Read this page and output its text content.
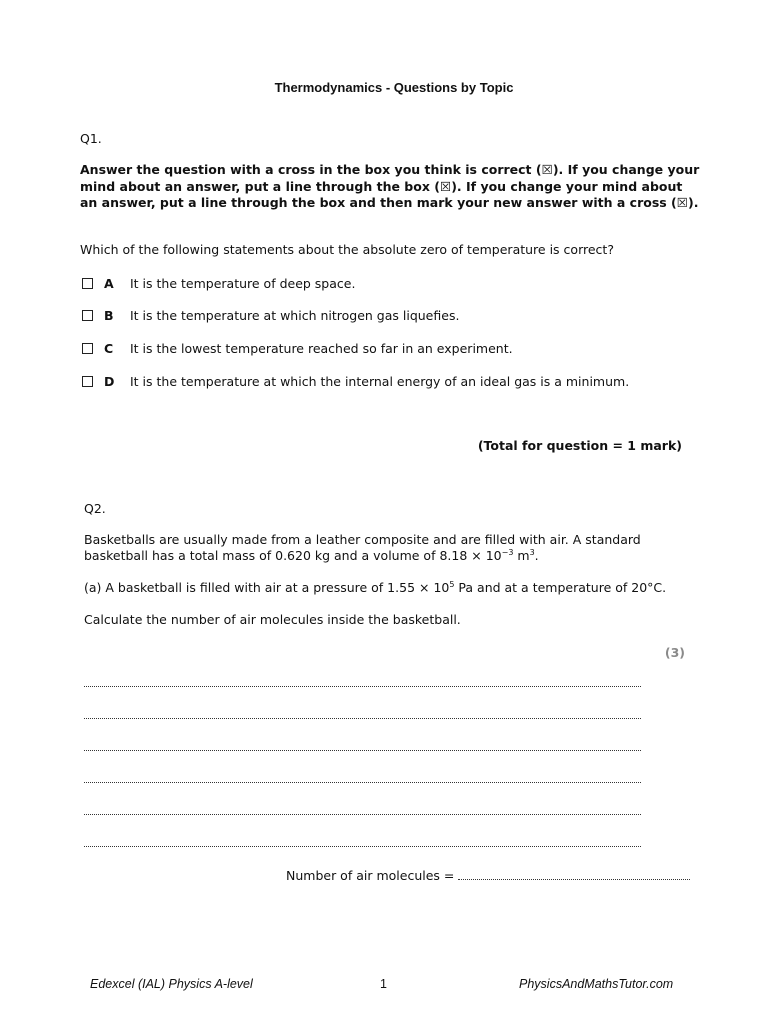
Thermodynamics - Questions by Topic
Q1.
Answer the question with a cross in the box you think is correct (☒). If you change your mind about an answer, put a line through the box (☒). If you change your mind about an answer, put a line through the box and then mark your new answer with a cross (☒).
Which of the following statements about the absolute zero of temperature is correct?
A	It is the temperature of deep space.
B	It is the temperature at which nitrogen gas liquefies.
C	It is the lowest temperature reached so far in an experiment.
D	It is the temperature at which the internal energy of an ideal gas is a minimum.
(Total for question = 1 mark)
Q2.
Basketballs are usually made from a leather composite and are filled with air. A standard
basketball has a total mass of 0.620 kg and a volume of $8.18 \times 10^{-3}$ $m^3$.
(a) A basketball is filled with air at a pressure of $1.55 \times 10^5$ Pa and at a temperature of 20°C.
Calculate the number of air molecules inside the basketball.
(3)
Number of air molecules =
Edexcel (IAL) Physics A-level	1	PhysicsAndMathsTutor.com
